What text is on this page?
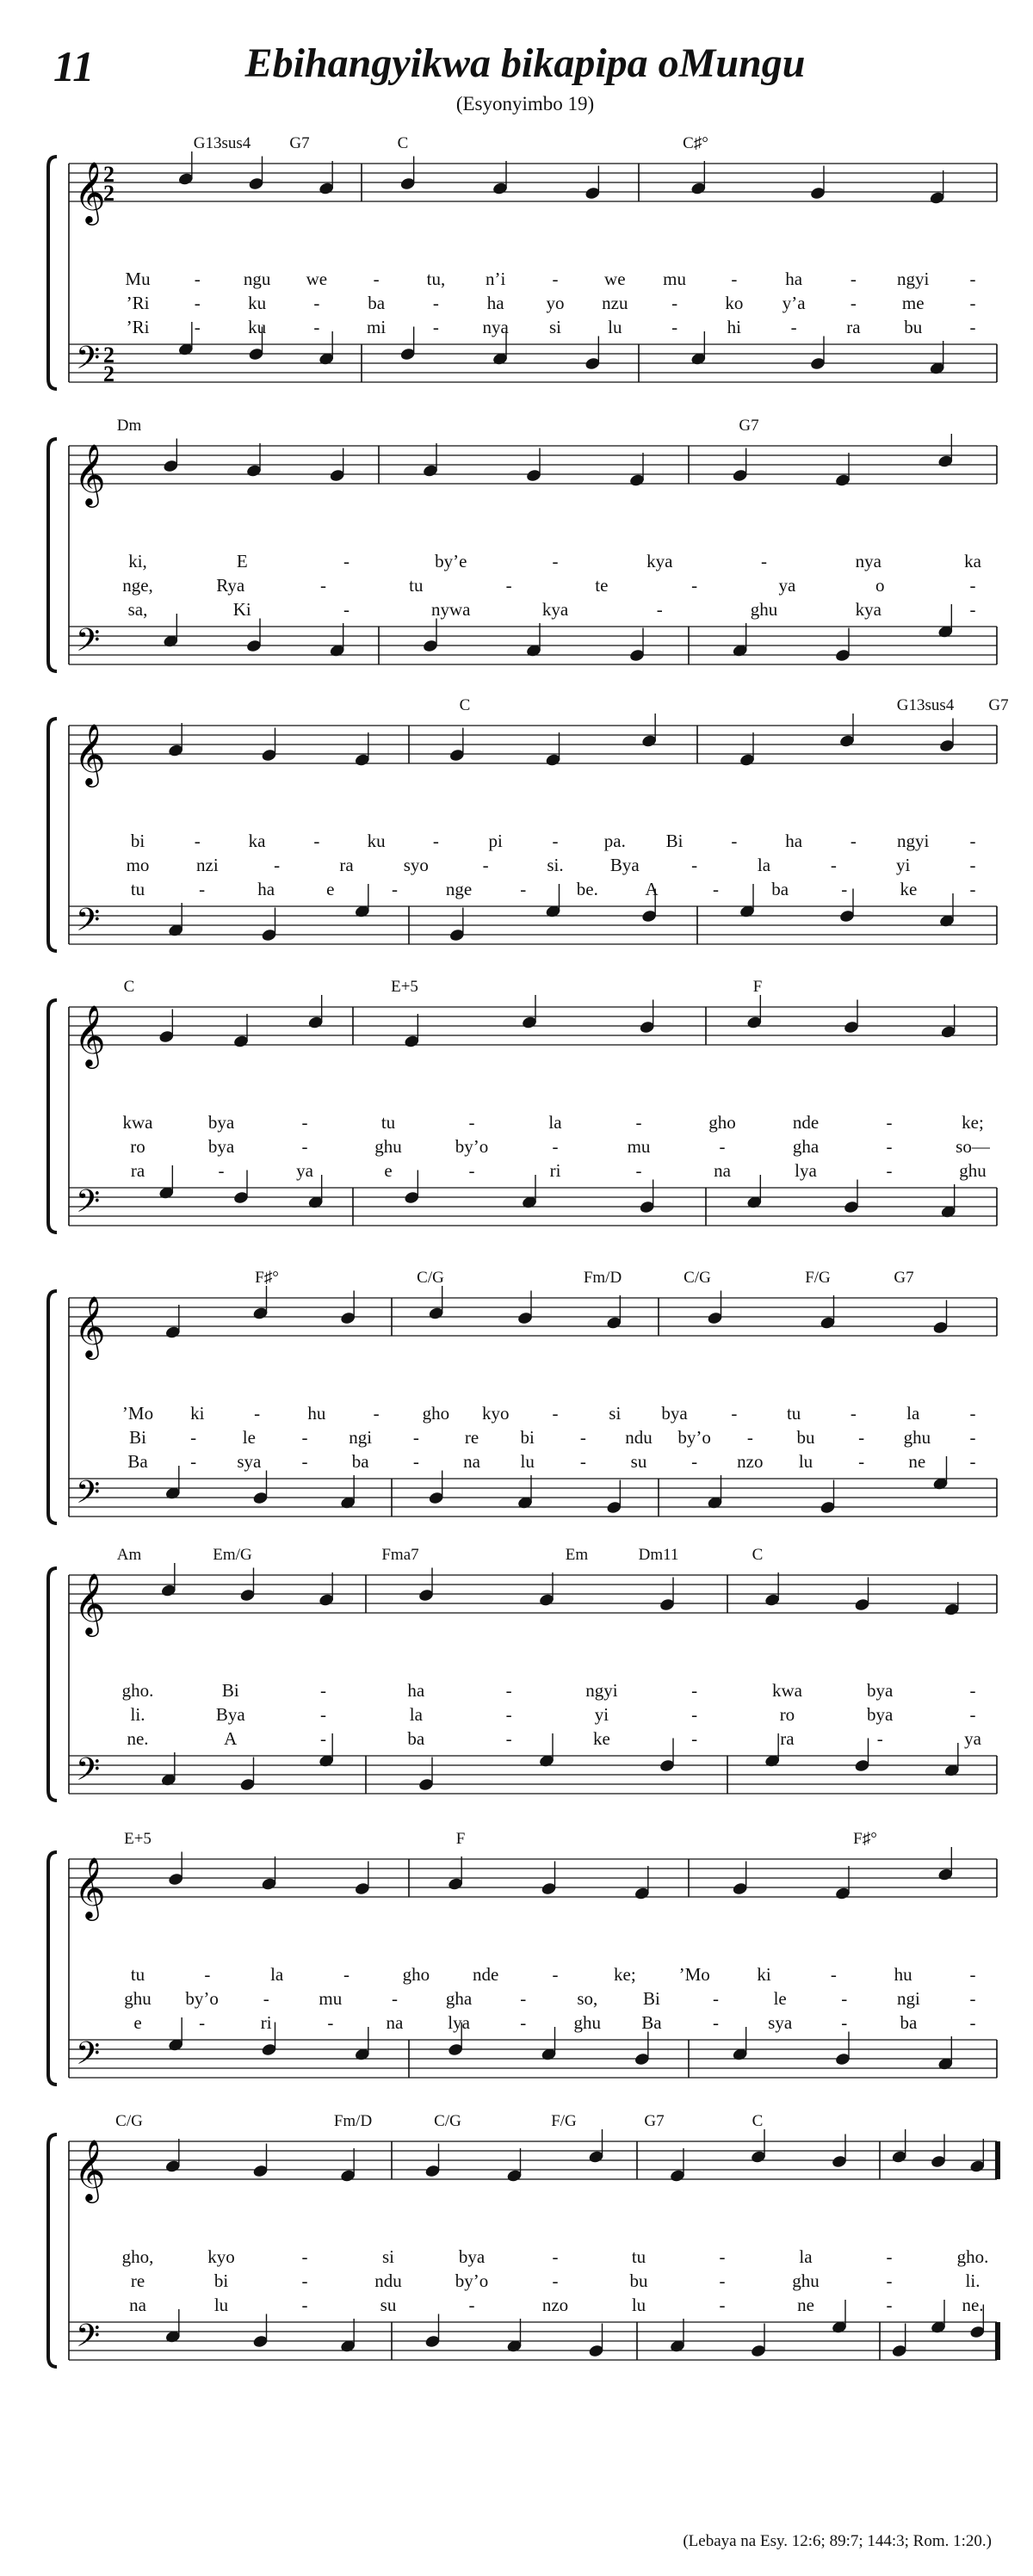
11	Ebihangyikwa bikapipa oMungu
(Esyonyimbo 19)
𝄞
𝄢
2
2
2
2
G13sus4 G7	C	C♯°
Mu - ngu we	-	tu, n’i	-	we mu -	ha	- ngyi -
’Ri -	ku	-	ba	-	ha yo nzu -	ko y’a -	me	-
’Ri -	ku	-	mi	- nya si	lu	-	hi	-	ra bu	-
𝄞
𝄢
Dm	G7
ki,	E	-	by’e	-	kya	-	nya	ka
nge,	Rya	-	tu	-	te	-	ya	o	-
sa,	Ki	-	nywa	kya	-	ghu	kya	-
𝄞
𝄢
C	G13sus4 G7
bi	-	ka	-	ku	-	pi	-	pa. Bi	-	ha	- ngyi -
mo	nzi	-	ra	syo	-	si.	Bya	-	la	-	yi	-
tu	-	ha	e	-	nge	-	be.	A	-	ba	-	ke	-
𝄞
𝄢
C	E+5	F
kwa	bya	-	tu	-	la	-	gho	nde	-	ke;
ro	bya	-	ghu	by’o	-	mu	-	gha	-	so—
ra	-	ya	e	-	ri	-	na	lya	-	ghu
𝄞
𝄢
F♯°	C/G	Fm/D	C/G	F/G	G7
’Mo ki	-	hu	- gho kyo -	si bya -	tu	-	la	-
Bi -	le	- ngi -	re bi	- ndu by’o - bu - ghu -
Ba - sya - ba - na lu	- su - nzo lu	- ne -
𝄞
𝄢
Am	Em/G	Fma7	Em	Dm11	C
gho.	Bi	-	ha	-	ngyi	-	kwa	bya	-
li.	Bya	-	la	-	yi	-	ro	bya	-
ne.	A	-	ba	-	ke	-	ra	-	ya
𝄞
𝄢
E+5	F	F♯°
tu	-	la	-	gho nde	-	ke; ’Mo	ki	-	hu	-
ghu by’o -	mu	-	gha	-	so,	Bi	-	le	-	ngi	-
e	-	ri	-	na lya	-	ghu Ba	-	sya	-	ba	-
𝄞
𝄢
C/G	Fm/D	C/G	F/G	G7	C
gho,	kyo	-	si	bya	-	tu	-	la	-	gho.
re	bi	-	ndu	by’o	-	bu	-	ghu	-	li.
na	lu	-	su	-	nzo	lu	-	ne	-	ne.
(Lebaya na Esy. 12:6; 89:7; 144:3; Rom. 1:20.)
